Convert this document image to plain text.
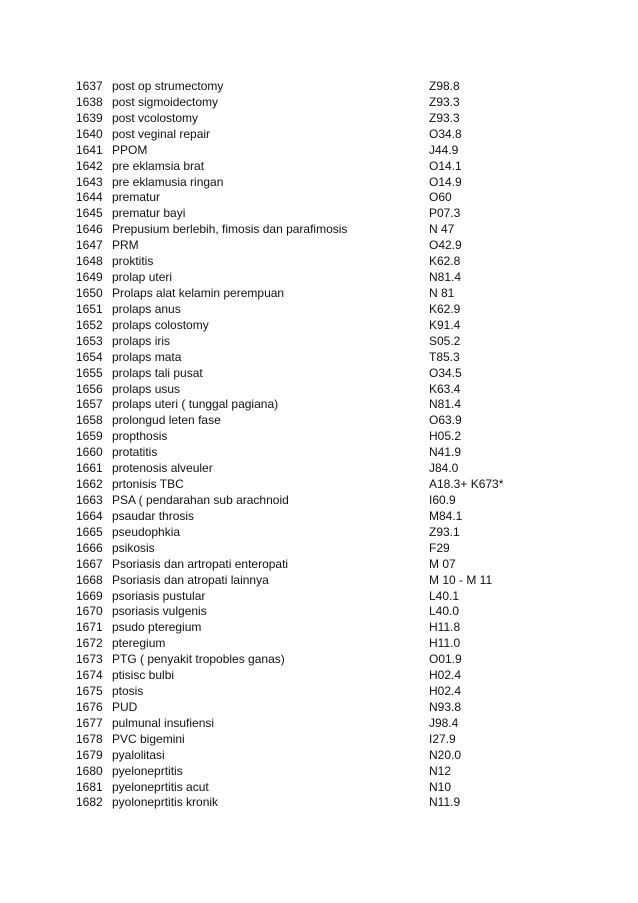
1637 post op strumectomy	Z98.8
1638 post sigmoidectomy	Z93.3
1639 post vcolostomy	Z93.3
1640 post veginal repair	O34.8
1641 PPOM	J44.9
1642 pre eklamsia brat	O14.1
1643 pre eklamusia ringan	O14.9
1644 prematur	O60
1645 prematur bayi	P07.3
1646 Prepusium berlebih, fimosis dan parafimosis	N 47
1647 PRM	O42.9
1648 proktitis	K62.8
1649 prolap uteri	N81.4
1650 Prolaps alat kelamin perempuan	N 81
1651 prolaps anus	K62.9
1652 prolaps colostomy	K91.4
1653 prolaps iris	S05.2
1654 prolaps mata	T85.3
1655 prolaps tali pusat	O34.5
1656 prolaps usus	K63.4
1657 prolaps uteri ( tunggal pagiana)	N81.4
1658 prolongud leten fase	O63.9
1659 propthosis	H05.2
1660 protatitis	N41.9
1661 protenosis alveuler	J84.0
1662 prtonisis TBC	A18.3+ K673*
1663 PSA ( pendarahan sub arachnoid	I60.9
1664 psaudar throsis	M84.1
1665 pseudophkia	Z93.1
1666 psikosis	F29
1667 Psoriasis dan artropati enteropati	M 07
1668 Psoriasis dan atropati lainnya	M 10 - M 11
1669 psoriasis pustular	L40.1
1670 psoriasis vulgenis	L40.0
1671 psudo pteregium	H11.8
1672 pteregium	H11.0
1673 PTG ( penyakit tropobles ganas)	O01.9
1674 ptisisc bulbi	H02.4
1675 ptosis	H02.4
1676 PUD	N93.8
1677 pulmunal insufiensi	J98.4
1678 PVC bigemini	I27.9
1679 pyalolitasi	N20.0
1680 pyeloneprtitis	N12
1681 pyeloneprtitis acut	N10
1682 pyoloneprtitis kronik	N11.9
